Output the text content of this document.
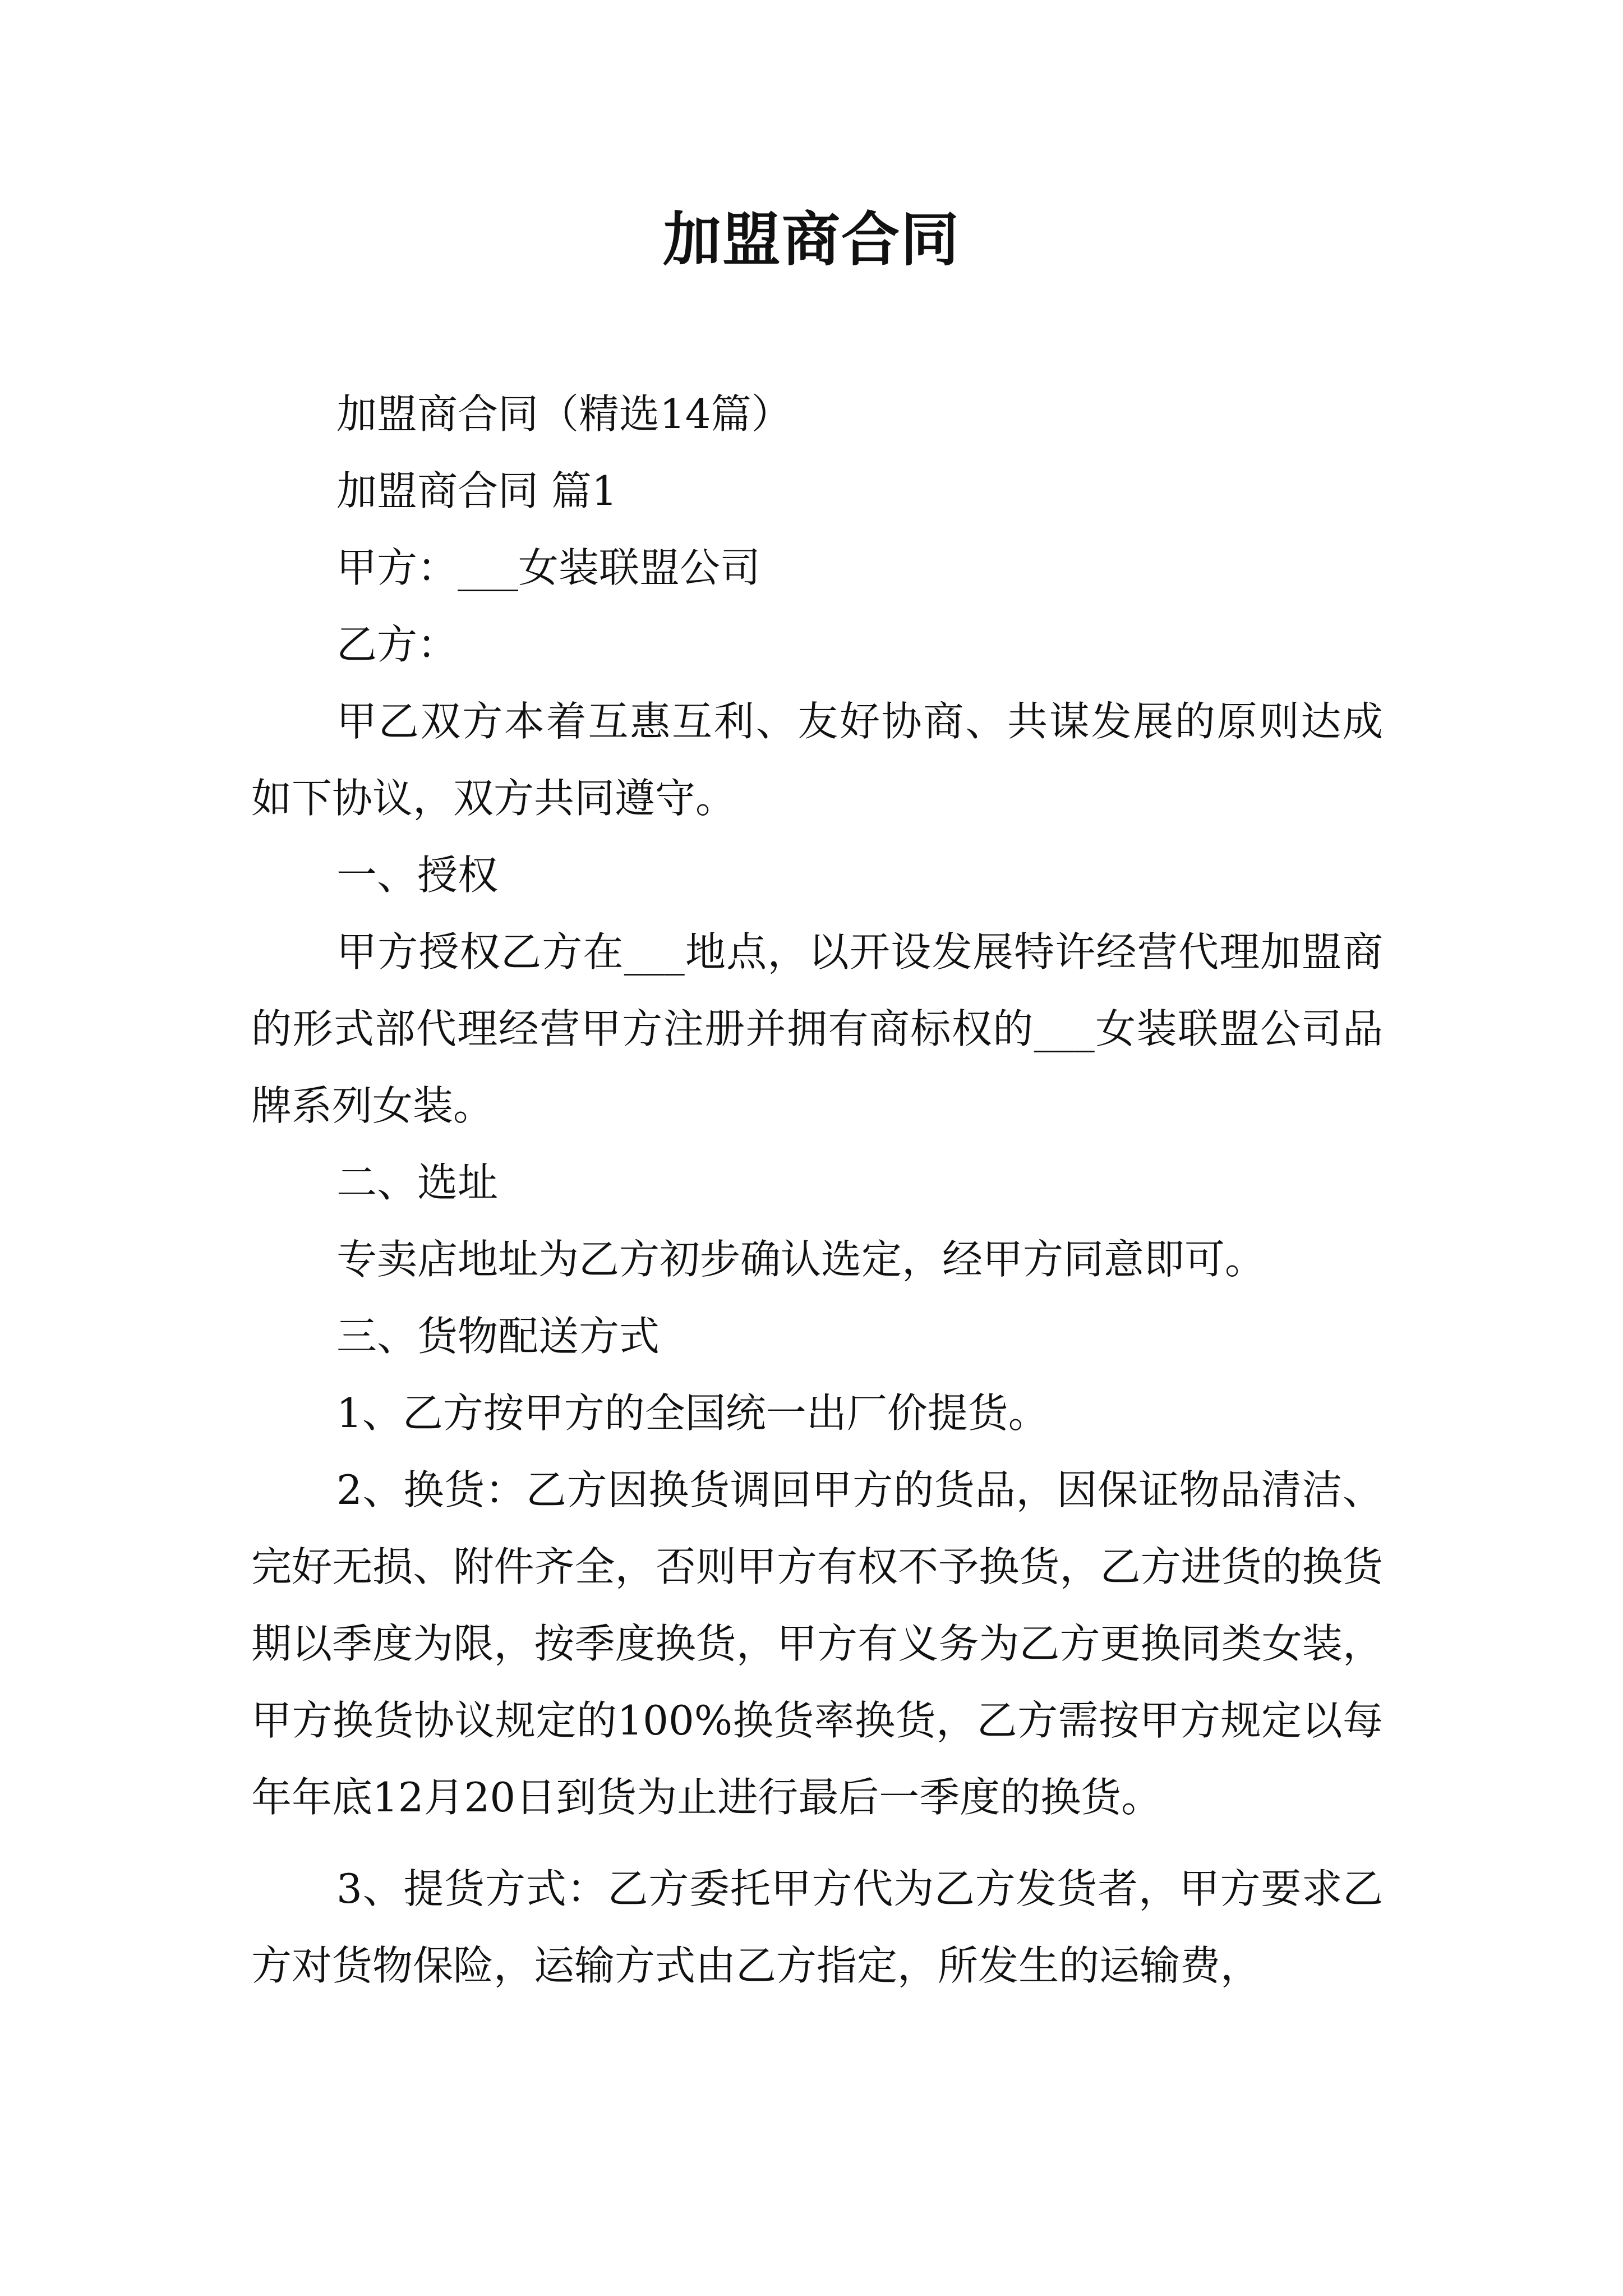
加盟商合同

加盟商合同（精选14篇）

加盟商合同 篇1

甲方：___女装联盟公司

乙方：

甲乙双方本着互惠互利、友好协商、共谋发展的原则达成如下协议，双方共同遵守。

一、授权

甲方授权乙方在___地点，以开设发展特许经营代理加盟商的形式部代理经营甲方注册并拥有商标权的___女装联盟公司品牌系列女装。

二、选址

专卖店地址为乙方初步确认选定，经甲方同意即可。

三、货物配送方式

1、乙方按甲方的全国统一出厂价提货。

2、换货：乙方因换货调回甲方的货品，因保证物品清洁、完好无损、附件齐全，否则甲方有权不予换货，乙方进货的换货期以季度为限，按季度换货，甲方有义务为乙方更换同类女装，甲方换货协议规定的100%换货率换货，乙方需按甲方规定以每年年底12月20日到货为止进行最后一季度的换货。

3、提货方式：乙方委托甲方代为乙方发货者，甲方要求乙方对货物保险，运输方式由乙方指定，所发生的运输费，
